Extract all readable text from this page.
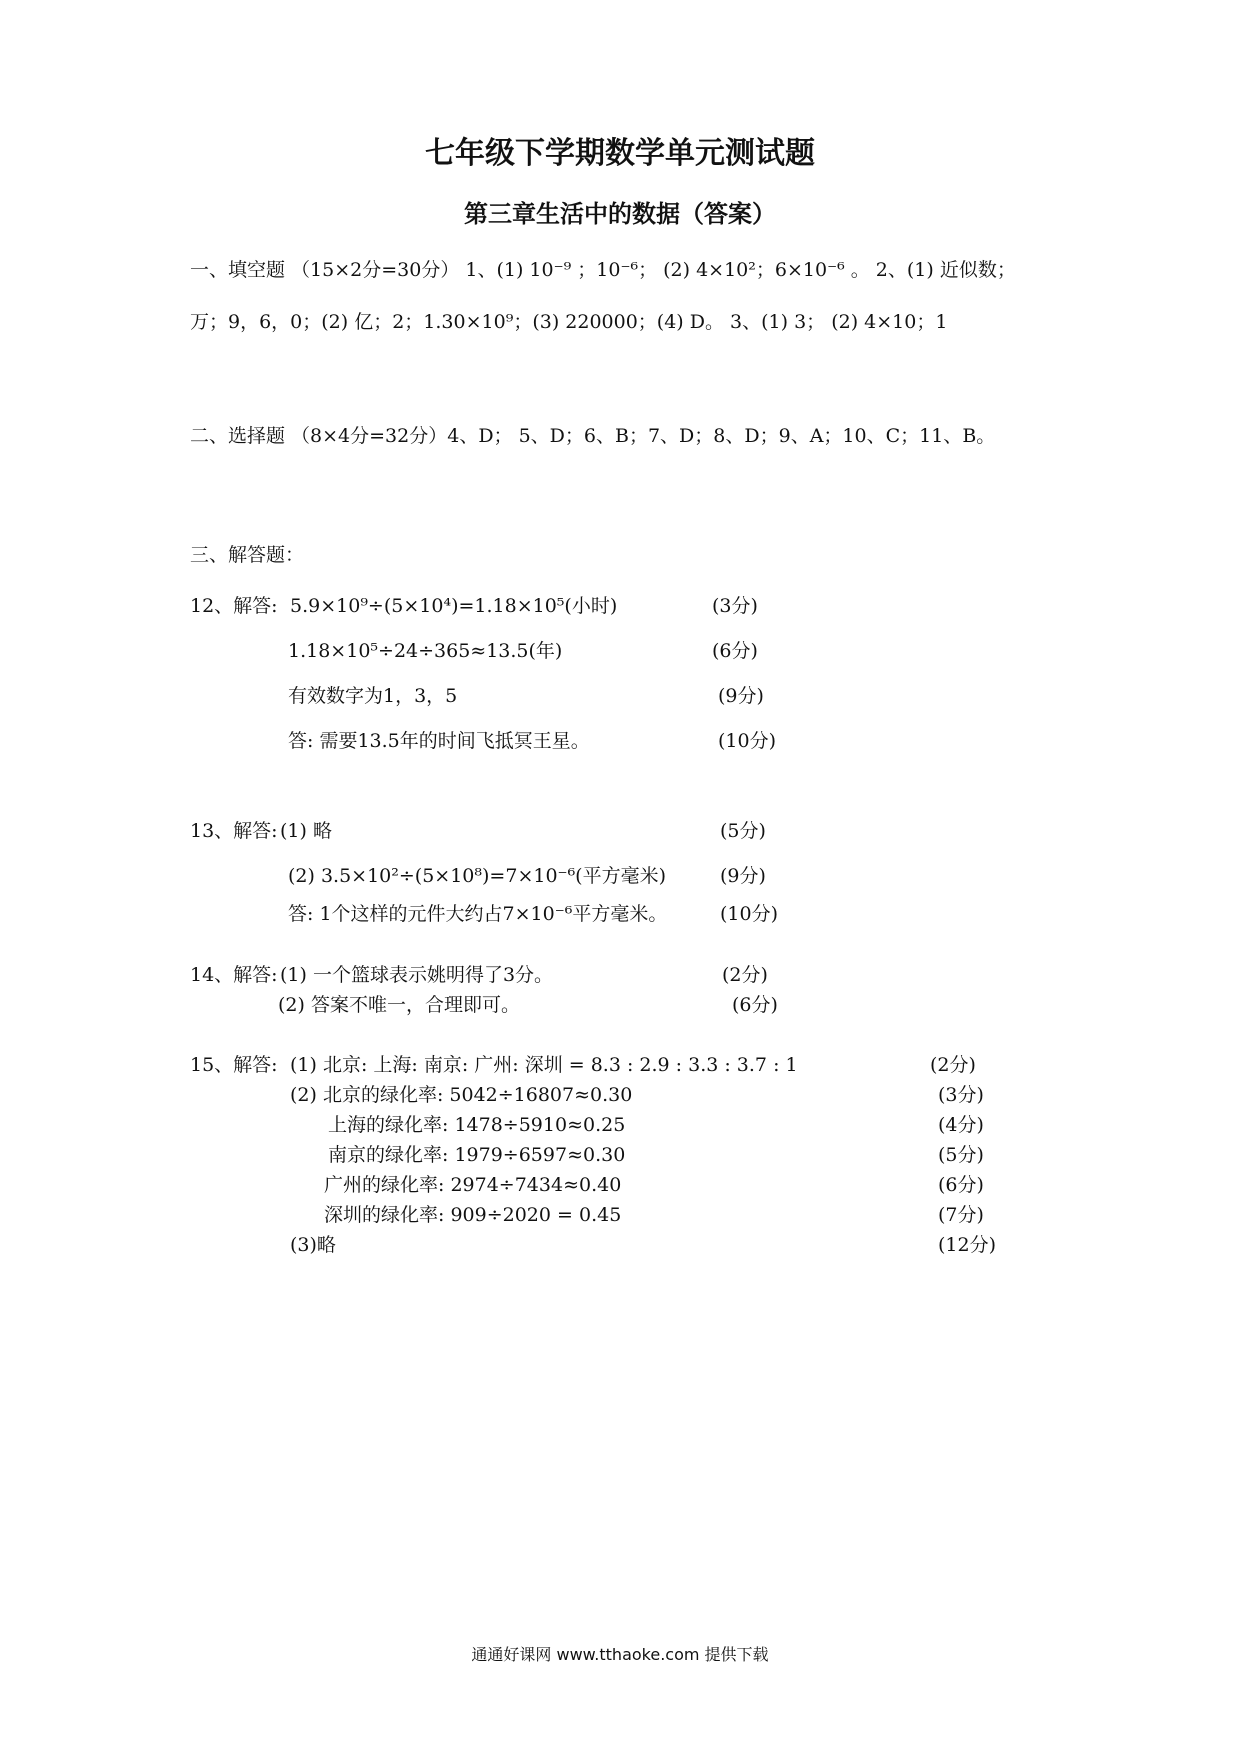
七年级下学期数学单元测试题
第三章生活中的数据（答案）
一、填空题 （15×2分=30分） 1、(1) 10⁻⁹ ；10⁻⁶； (2) 4×10²；6×10⁻⁶ 。 2、(1) 近似数；
万；9，6，0；(2) 亿；2；1.30×10⁹；(3) 220000；(4) D。 3、(1) 3； (2) 4×10；1
二、选择题 （8×4分=32分）4、D； 5、D；6、B；7、D；8、D；9、A；10、C；11、B。
三、解答题：
12、解答: 5.9×10⁹÷(5×10⁴)=1.18×10⁵(小时)	(3分)
1.18×10⁵÷24÷365≈13.5(年)	(6分)
有效数字为1，3，5	(9分)
答: 需要13.5年的时间飞抵冥王星。	(10分)
13、解答: (1) 略	(5分)
(2) 3.5×10²÷(5×10⁸)=7×10⁻⁶(平方毫米)	(9分)
答: 1个这样的元件大约占7×10⁻⁶平方毫米。	(10分)
14、解答: (1) 一个篮球表示姚明得了3分。	(2分)
(2) 答案不唯一，合理即可。	(6分)
15、解答: (1) 北京: 上海: 南京: 广州: 深圳 = 8.3 : 2.9 : 3.3 : 3.7 : 1	(2分)
(2) 北京的绿化率: 5042÷16807≈0.30	(3分)
上海的绿化率: 1478÷5910≈0.25	(4分)
南京的绿化率: 1979÷6597≈0.30	(5分)
广州的绿化率: 2974÷7434≈0.40	(6分)
深圳的绿化率: 909÷2020 = 0.45	(7分)
(3)略	(12分)
通通好课网 www.tthaoke.com 提供下载
